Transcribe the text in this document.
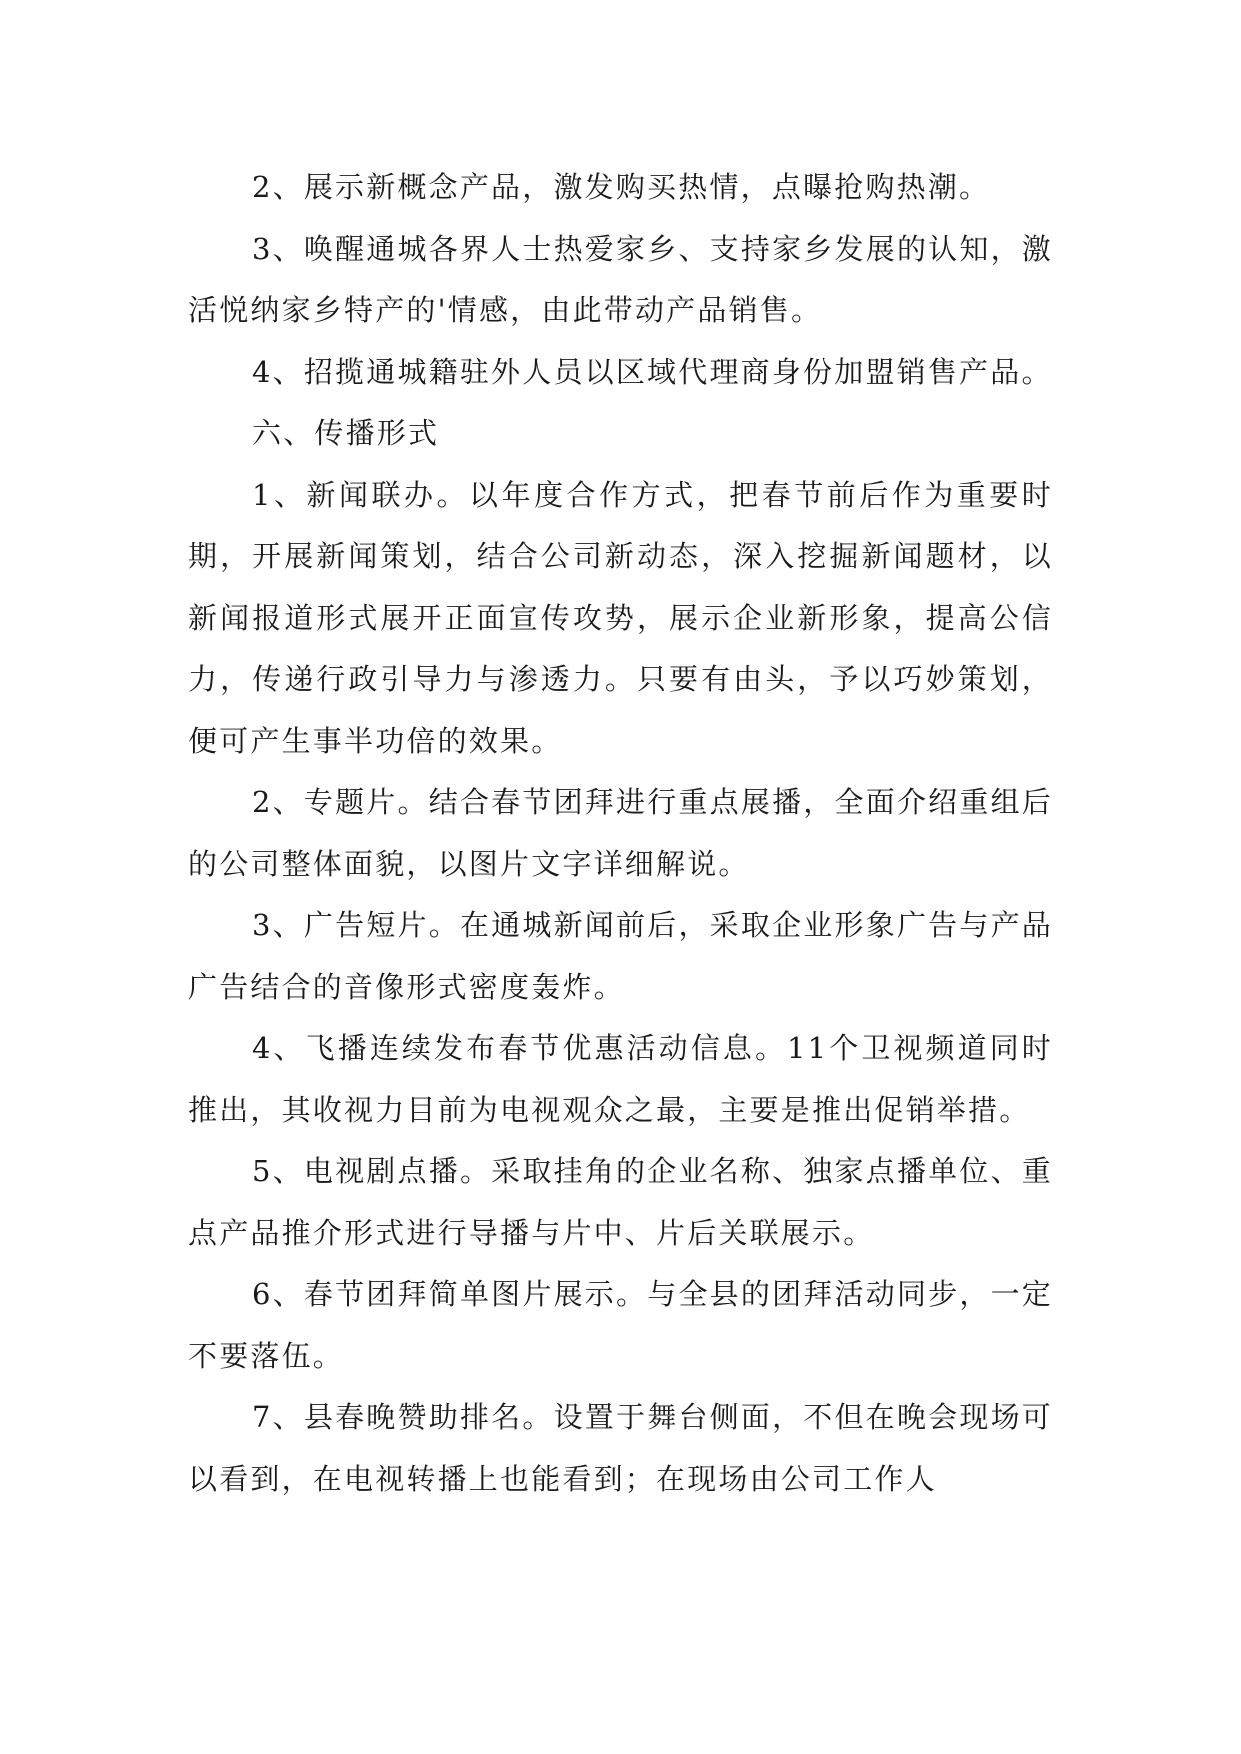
2、展示新概念产品，激发购买热情，点曝抢购热潮。

3、唤醒通城各界人士热爱家乡、支持家乡发展的认知，激活悦纳家乡特产的'情感，由此带动产品销售。

4、招揽通城籍驻外人员以区域代理商身份加盟销售产品。

六、传播形式

1、新闻联办。以年度合作方式，把春节前后作为重要时期，开展新闻策划，结合公司新动态，深入挖掘新闻题材，以新闻报道形式展开正面宣传攻势，展示企业新形象，提高公信力，传递行政引导力与渗透力。只要有由头，予以巧妙策划，便可产生事半功倍的效果。

2、专题片。结合春节团拜进行重点展播，全面介绍重组后的公司整体面貌，以图片文字详细解说。

3、广告短片。在通城新闻前后，采取企业形象广告与产品广告结合的音像形式密度轰炸。

4、飞播连续发布春节优惠活动信息。11个卫视频道同时推出，其收视力目前为电视观众之最，主要是推出促销举措。

5、电视剧点播。采取挂角的企业名称、独家点播单位、重点产品推介形式进行导播与片中、片后关联展示。

6、春节团拜简单图片展示。与全县的团拜活动同步，一定不要落伍。

7、县春晚赞助排名。设置于舞台侧面，不但在晚会现场可以看到，在电视转播上也能看到；在现场由公司工作人
